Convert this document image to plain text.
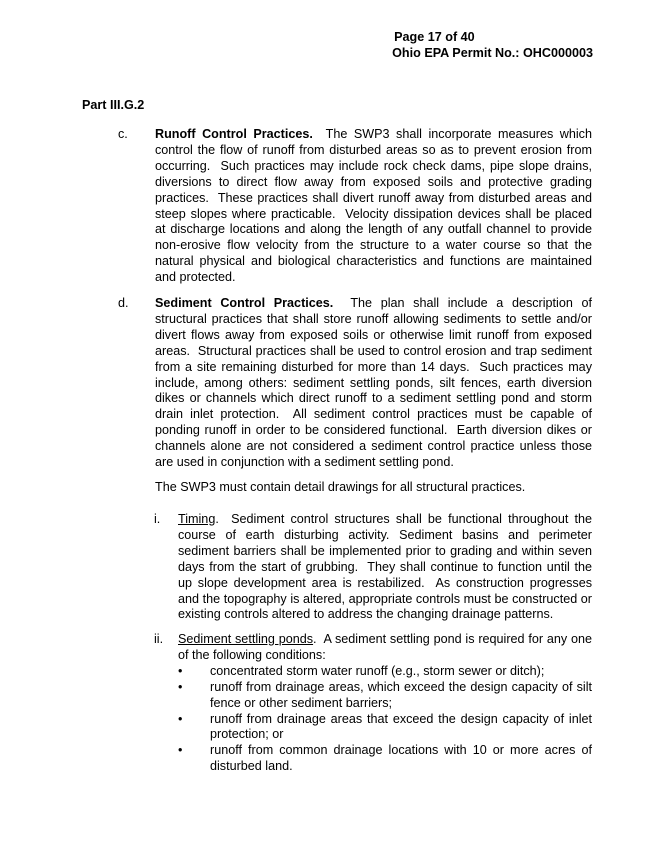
Page 17 of 40
Ohio EPA Permit No.: OHC000003
Part III.G.2
c. Runoff Control Practices.  The SWP3 shall incorporate measures which control the flow of runoff from disturbed areas so as to prevent erosion from occurring.  Such practices may include rock check dams, pipe slope drains, diversions to direct flow away from exposed soils and protective grading practices.  These practices shall divert runoff away from disturbed areas and steep slopes where practicable.  Velocity dissipation devices shall be placed at discharge locations and along the length of any outfall channel to provide non-erosive flow velocity from the structure to a water course so that the natural physical and biological characteristics and functions are maintained and protected.
d. Sediment Control Practices.  The plan shall include a description of structural practices that shall store runoff allowing sediments to settle and/or divert flows away from exposed soils or otherwise limit runoff from exposed areas.  Structural practices shall be used to control erosion and trap sediment from a site remaining disturbed for more than 14 days.  Such practices may include, among others: sediment settling ponds, silt fences, earth diversion dikes or channels which direct runoff to a sediment settling pond and storm drain inlet protection.  All sediment control practices must be capable of ponding runoff in order to be considered functional.  Earth diversion dikes or channels alone are not considered a sediment control practice unless those are used in conjunction with a sediment settling pond.
The SWP3 must contain detail drawings for all structural practices.
i. Timing.  Sediment control structures shall be functional throughout the course of earth disturbing activity. Sediment basins and perimeter sediment barriers shall be implemented prior to grading and within seven days from the start of grubbing.  They shall continue to function until the up slope development area is restabilized.  As construction progresses and the topography is altered, appropriate controls must be constructed or existing controls altered to address the changing drainage patterns.
ii. Sediment settling ponds.  A sediment settling pond is required for any one of the following conditions:
• concentrated storm water runoff (e.g., storm sewer or ditch);
• runoff from drainage areas, which exceed the design capacity of silt fence or other sediment barriers;
• runoff from drainage areas that exceed the design capacity of inlet protection; or
• runoff from common drainage locations with 10 or more acres of disturbed land.
